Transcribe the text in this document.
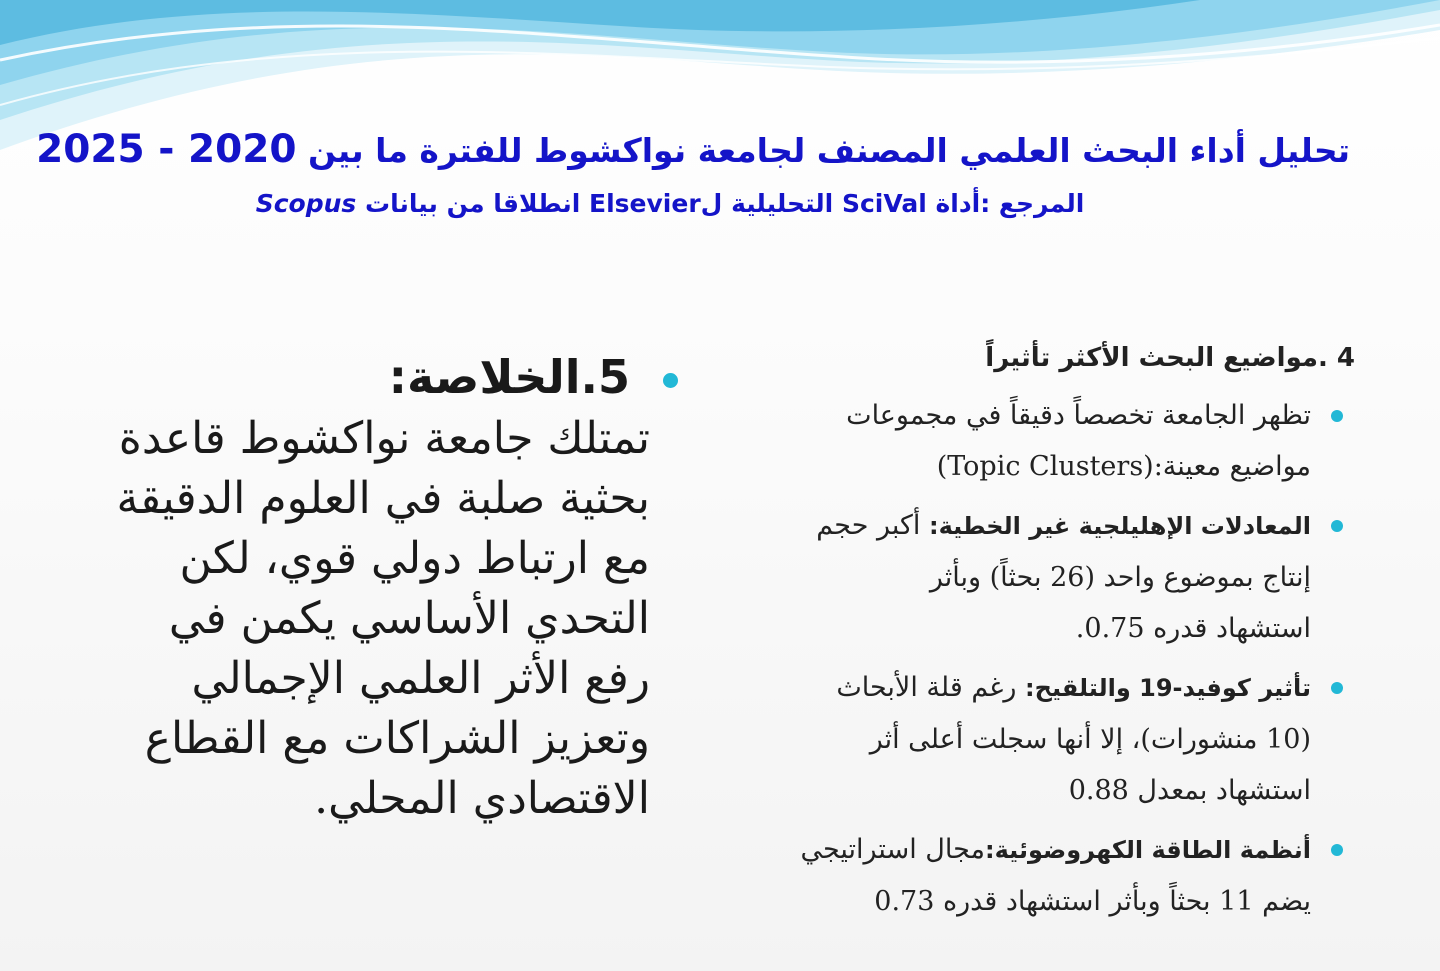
تحليل أداء البحث العلمي المصنف لجامعة نواكشوط للفترة ما بين 2025 - 2020
المرجع :أداة SciVal التحليلية لElsevier انطلاقا من بيانات Scopus
4 .مواضيع البحث الأكثر تأثيراً
تظهر الجامعة تخصصاً دقيقاً في مجموعات
مواضيع معينة:(Topic Clusters)
المعادلات الإهليلجية غير الخطية: أكبر حجم
إنتاج بموضوع واحد (26 بحثاً) وبأثر
استشهاد قدره 0.75.
تأثير كوفيد-19 والتلقيح: رغم قلة الأبحاث
(10 منشورات)، إلا أنها سجلت أعلى أثر
استشهاد بمعدل 0.88
أنظمة الطاقة الكهروضوئية:مجال استراتيجي
يضم 11 بحثاً وبأثر استشهاد قدره 0.73
5.الخلاصة:
تمتلك جامعة نواكشوط قاعدة
بحثية صلبة في العلوم الدقيقة
مع ارتباط دولي قوي، لكن
التحدي الأساسي يكمن في
رفع الأثر العلمي الإجمالي
وتعزيز الشراكات مع القطاع
الاقتصادي المحلي.
